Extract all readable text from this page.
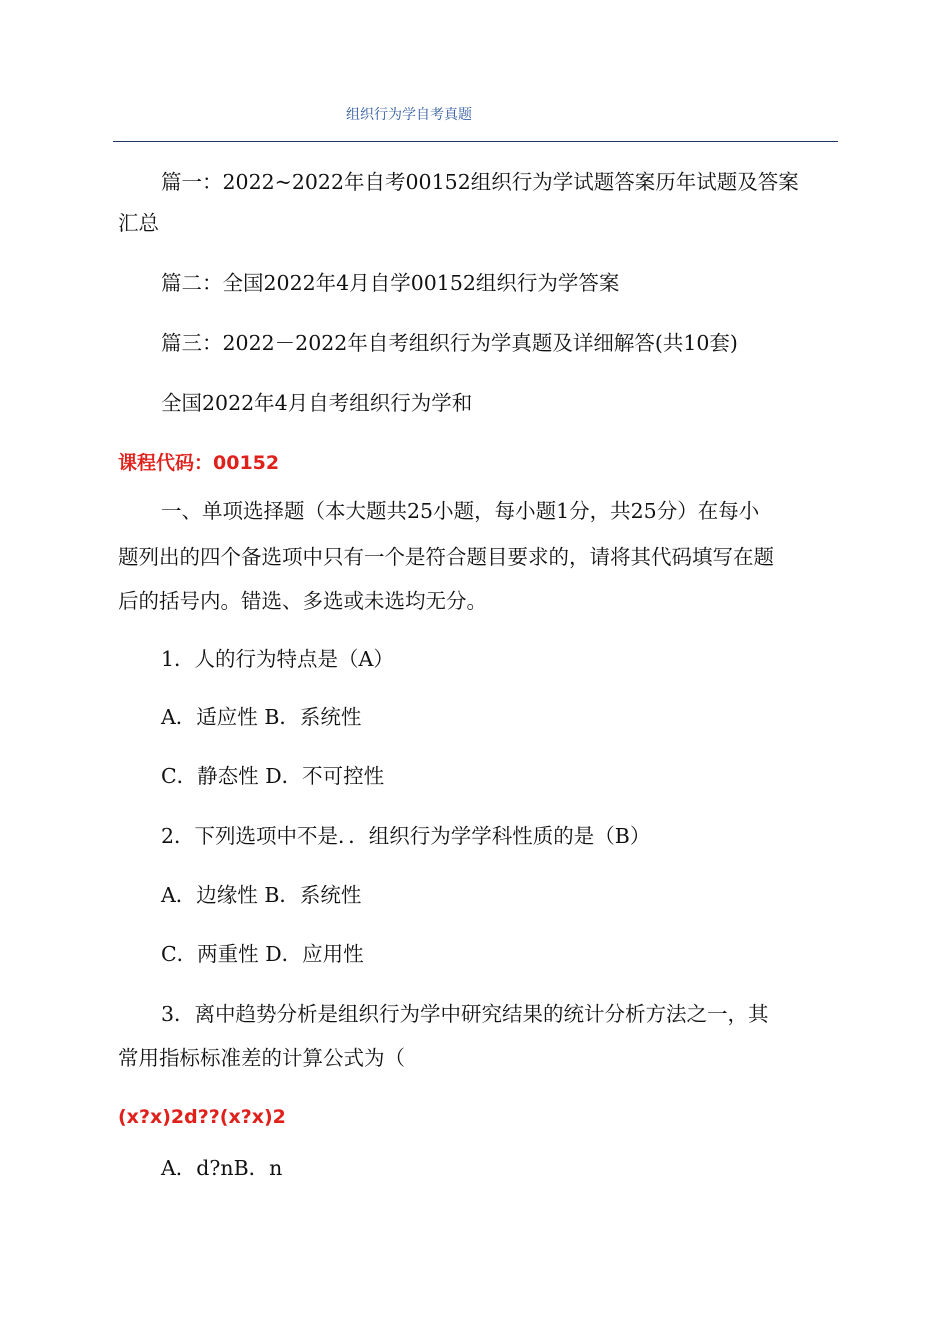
组织行为学自考真题
篇一：2022~2022年自考00152组织行为学试题答案历年试题及答案
汇总
篇二：全国2022年4月自学00152组织行为学答案
篇三：2022－2022年自考组织行为学真题及详细解答(共10套)
全国2022年4月自考组织行为学和
课程代码：00152
一、单项选择题（本大题共25小题，每小题1分，共25分）在每小
题列出的四个备选项中只有一个是符合题目要求的，请将其代码填写在题
后的括号内。错选、多选或未选均无分。
1．人的行为特点是（A）
A．适应性 B．系统性
C．静态性 D．不可控性
2．下列选项中不是．．组织行为学学科性质的是（B）
A．边缘性 B．系统性
C．两重性 D．应用性
3．离中趋势分析是组织行为学中研究结果的统计分析方法之一，其
常用指标标准差的计算公式为（
(x?x)2d??(x?x)2
A．d?nB．n
